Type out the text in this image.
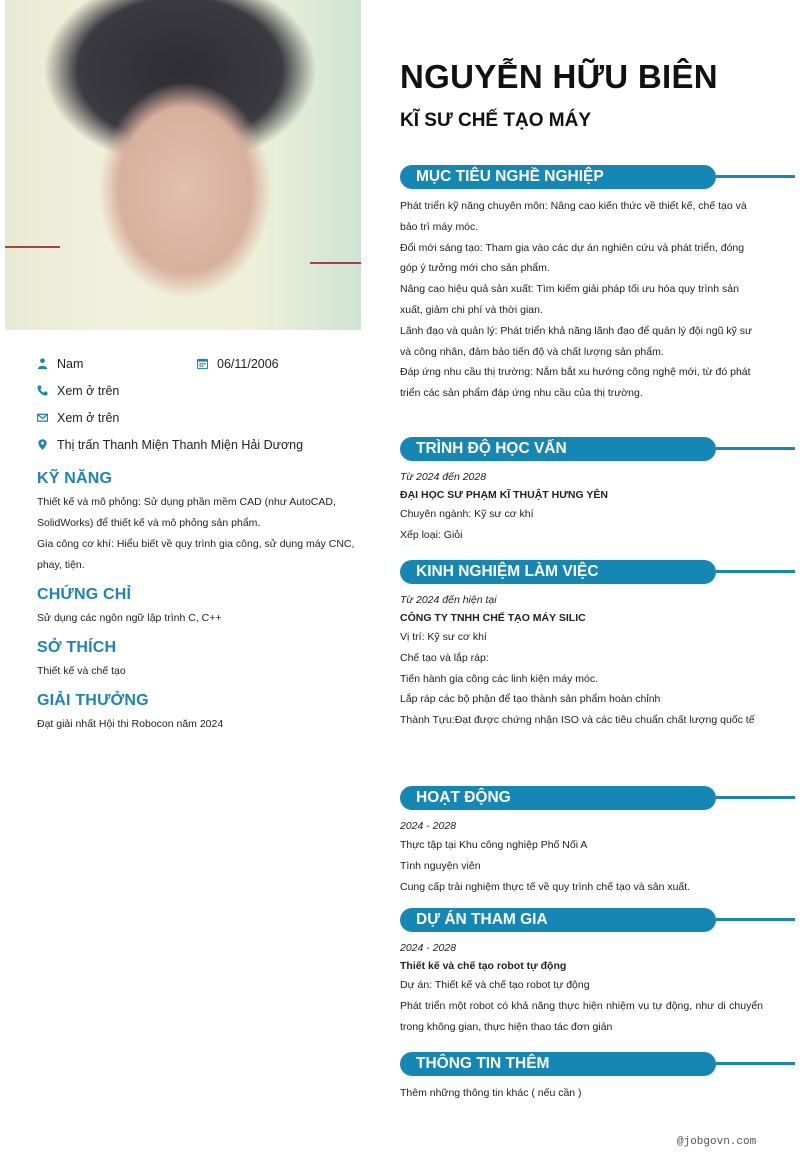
Nam	06/11/2006
Xem ở trên
Xem ở trên
Thị trấn Thanh Miện Thanh Miện Hải Dương
KỸ NĂNG
Thiết kế và mô phỏng: Sử dụng phần mềm CAD (như AutoCAD, SolidWorks) để thiết kế và mô phỏng sản phẩm.
Gia công cơ khí: Hiểu biết về quy trình gia công, sử dụng máy CNC, phay, tiện.
CHỨNG CHỈ
Sử dụng các ngôn ngữ lập trình C, C++
SỞ THÍCH
Thiết kế và chế tạo
GIẢI THƯỞNG
Đạt giải nhất Hội thi Robocon năm 2024
NGUYỄN HỮU BIÊN
KĨ SƯ CHẾ TẠO MÁY
MỤC TIÊU NGHỀ NGHIỆP
Phát triển kỹ năng chuyên môn: Nâng cao kiến thức về thiết kế, chế tạo và bảo trì máy móc.
Đổi mới sáng tạo: Tham gia vào các dự án nghiên cứu và phát triển, đóng góp ý tưởng mới cho sản phẩm.
Nâng cao hiệu quả sản xuất: Tìm kiếm giải pháp tối ưu hóa quy trình sản xuất, giảm chi phí và thời gian.
Lãnh đạo và quản lý: Phát triển khả năng lãnh đạo để quản lý đội ngũ kỹ sư và công nhân, đảm bảo tiến độ và chất lượng sản phẩm.
Đáp ứng nhu cầu thị trường: Nắm bắt xu hướng công nghệ mới, từ đó phát triển các sản phẩm đáp ứng nhu cầu của thị trường.
TRÌNH ĐỘ HỌC VẤN
Từ 2024 đến 2028
ĐẠI HỌC SƯ PHẠM KĨ THUẬT HƯNG YÊN
Chuyên ngành: Kỹ sư cơ khí
Xếp loại: Giỏi
KINH NGHIỆM LÀM VIỆC
Từ 2024 đến hiện tại
CÔNG TY TNHH CHẾ TẠO MÁY SILIC
Vị trí: Kỹ sư cơ khí
Chế tạo và lắp ráp:
Tiến hành gia công các linh kiện máy móc.
Lắp ráp các bộ phận để tạo thành sản phẩm hoàn chỉnh
Thành Tựu:Đạt được chứng nhận ISO và các tiêu chuẩn chất lượng quốc tế
HOẠT ĐỘNG
2024 - 2028
Thực tập tại Khu công nghiệp Phố Nối A
Tình nguyện viên
Cung cấp trải nghiệm thực tế về quy trình chế tạo và sản xuất.
DỰ ÁN THAM GIA
2024 - 2028
Thiết kế và chế tạo robot tự động
Dự án: Thiết kế và chế tạo robot tự động
Phát triển một robot có khả năng thực hiện nhiệm vụ tự động, như di chuyển trong không gian, thực hiện thao tác đơn giản
THÔNG TIN THÊM
Thêm những thông tin khác ( nếu cần )
@jobgovn.com
